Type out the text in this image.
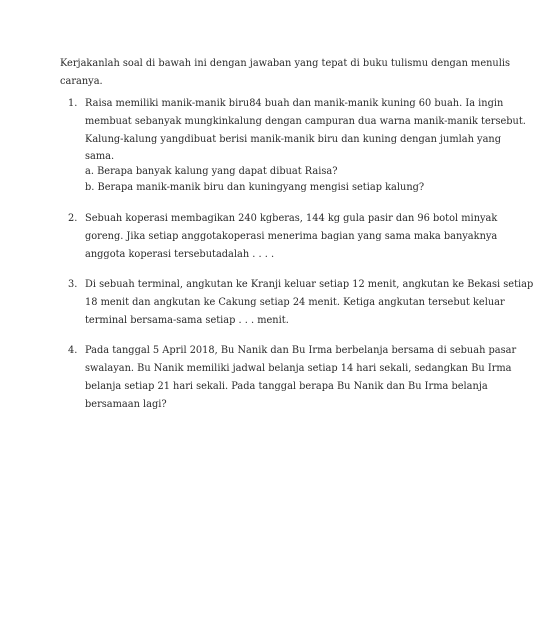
Kerjakanlah soal di bawah ini dengan jawaban yang tepat di buku tulismu dengan menulis
caranya.
1. Raisa memiliki manik-manik biru84 buah dan manik-manik kuning 60 buah. Ia ingin
membuat sebanyak mungkinkalung dengan campuran dua warna manik-manik tersebut.
Kalung-kalung yangdibuat berisi manik-manik biru dan kuning dengan jumlah yang
sama.
a. Berapa banyak kalung yang dapat dibuat Raisa?
b. Berapa manik-manik biru dan kuningyang mengisi setiap kalung?
2. Sebuah koperasi membagikan 240 kgberas, 144 kg gula pasir dan 96 botol minyak
goreng. Jika setiap anggotakoperasi menerima bagian yang sama maka banyaknya
anggota koperasi tersebutadalah . . . .
3. Di sebuah terminal, angkutan ke Kranji keluar setiap 12 menit, angkutan ke Bekasi setiap
18 menit dan angkutan ke Cakung setiap 24 menit. Ketiga angkutan tersebut keluar
terminal bersama-sama setiap . . . menit.
4. Pada tanggal 5 April 2018, Bu Nanik dan Bu Irma berbelanja bersama di sebuah pasar
swalayan. Bu Nanik memiliki jadwal belanja setiap 14 hari sekali, sedangkan Bu Irma
belanja setiap 21 hari sekali. Pada tanggal berapa Bu Nanik dan Bu Irma belanja
bersamaan lagi?
